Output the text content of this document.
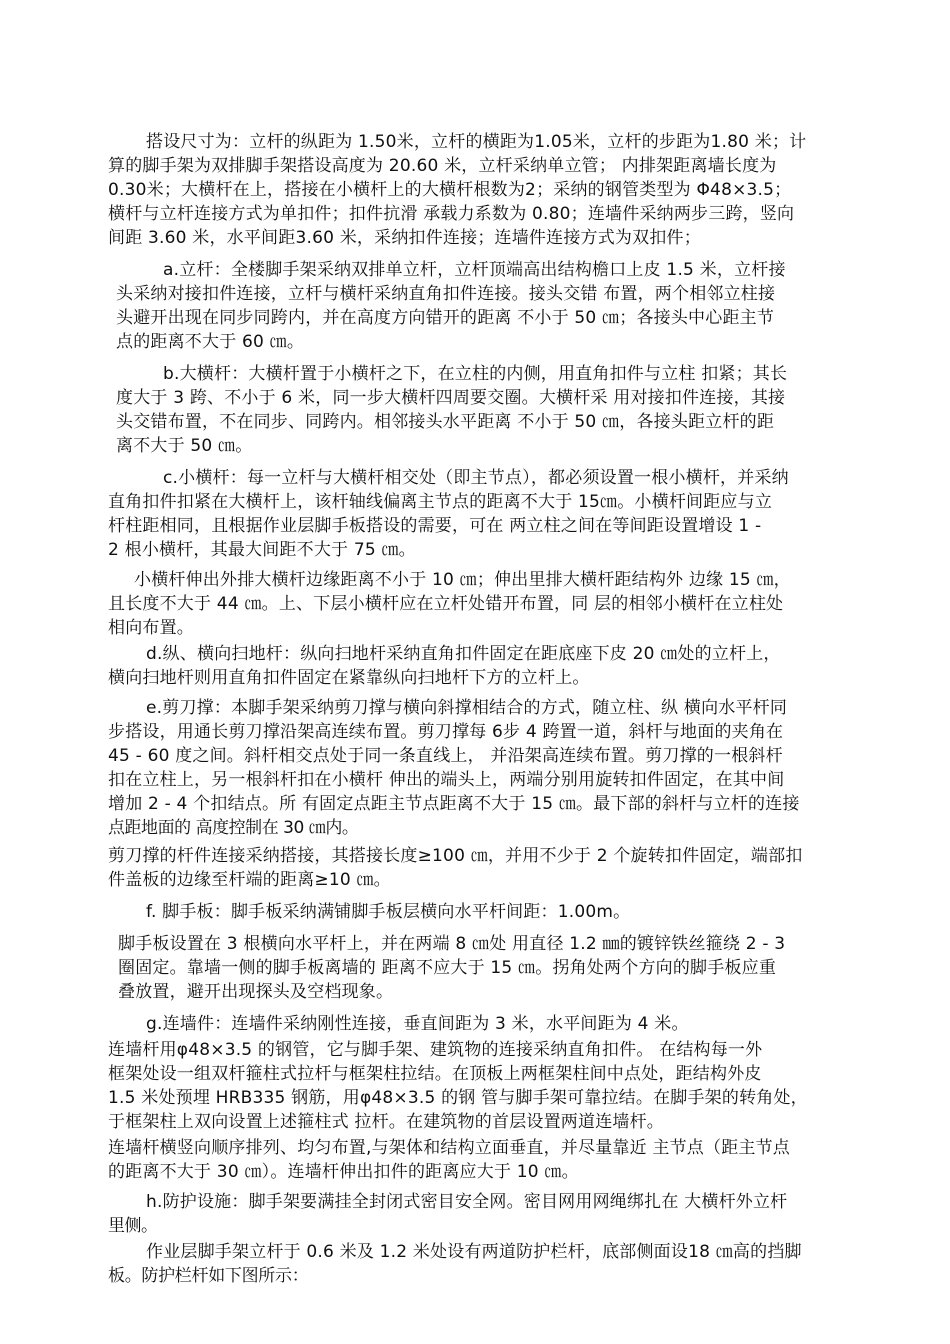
搭设尺寸为：立杆的纵距为 1.50米，立杆的横距为1.05米，立杆的步距为1.80 米；计
算的脚手架为双排脚手架搭设高度为 20.60 米，立杆采纳单立管； 内排架距离墙长度为
0.30米；大横杆在上，搭接在小横杆上的大横杆根数为2；采纳的钢管类型为 Φ48×3.5；
横杆与立杆连接方式为单扣件；扣件抗滑 承载力系数为 0.80；连墙件采纳两步三跨，竖向
间距 3.60 米，水平间距3.60 米，采纳扣件连接；连墙件连接方式为双扣件；
a.立杆：全楼脚手架采纳双排单立杆，立杆顶端高出结构檐口上皮 1.5 米，立杆接
头采纳对接扣件连接，立杆与横杆采纳直角扣件连接。接头交错 布置，两个相邻立柱接
头避开出现在同步同跨内，并在高度方向错开的距离 不小于 50 ㎝；各接头中心距主节
点的距离不大于 60 ㎝。
b.大横杆：大横杆置于小横杆之下，在立柱的内侧，用直角扣件与立柱 扣紧；其长
度大于 3 跨、不小于 6 米，同一步大横杆四周要交圈。大横杆采 用对接扣件连接，其接
头交错布置，不在同步、同跨内。相邻接头水平距离 不小于 50 ㎝，各接头距立杆的距
离不大于 50 ㎝。
c.小横杆：每一立杆与大横杆相交处（即主节点），都必须设置一根小横杆，并采纳
直角扣件扣紧在大横杆上，该杆轴线偏离主节点的距离不大于 15㎝。小横杆间距应与立
杆柱距相同，且根据作业层脚手板搭设的需要，可在 两立柱之间在等间距设置增设 1 -
2 根小横杆，其最大间距不大于 75 ㎝。
小横杆伸出外排大横杆边缘距离不小于 10 ㎝；伸出里排大横杆距结构外 边缘 15 ㎝，
且长度不大于 44 ㎝。上、下层小横杆应在立杆处错开布置，同 层的相邻小横杆在立柱处
相向布置。
d.纵、横向扫地杆：纵向扫地杆采纳直角扣件固定在距底座下皮 20 ㎝处的立杆上，
横向扫地杆则用直角扣件固定在紧靠纵向扫地杆下方的立杆上。
e.剪刀撑：本脚手架采纳剪刀撑与横向斜撑相结合的方式，随立柱、纵 横向水平杆同
步搭设，用通长剪刀撑沿架高连续布置。剪刀撑每 6步 4 跨置一道，斜杆与地面的夹角在
45 - 60 度之间。斜杆相交点处于同一条直线上， 并沿架高连续布置。剪刀撑的一根斜杆
扣在立柱上，另一根斜杆扣在小横杆 伸出的端头上，两端分别用旋转扣件固定，在其中间
增加 2 - 4 个扣结点。所 有固定点距主节点距离不大于 15 ㎝。最下部的斜杆与立杆的连接
点距地面的 高度控制在 30 ㎝内。
剪刀撑的杆件连接采纳搭接，其搭接长度≥100 ㎝，并用不少于 2 个旋转扣件固定，端部扣
件盖板的边缘至杆端的距离≥10 ㎝。
f. 脚手板：脚手板采纳满铺脚手板层横向水平杆间距：1.00m。
脚手板设置在 3 根横向水平杆上，并在两端 8 ㎝处 用直径 1.2 ㎜的镀锌铁丝箍绕 2 - 3
圈固定。靠墙一侧的脚手板离墙的 距离不应大于 15 ㎝。拐角处两个方向的脚手板应重
叠放置，避开出现探头及空档现象。
g.连墙件：连墙件采纳刚性连接，垂直间距为 3 米，水平间距为 4 米。
连墙杆用φ48×3.5 的钢管，它与脚手架、建筑物的连接采纳直角扣件。 在结构每一外
框架处设一组双杆箍柱式拉杆与框架柱拉结。在顶板上两框架柱间中点处，距结构外皮
1.5 米处预埋 HRB335 钢筋，用φ48×3.5 的钢 管与脚手架可靠拉结。在脚手架的转角处，
于框架柱上双向设置上述箍柱式 拉杆。在建筑物的首层设置两道连墙杆。
连墙杆横竖向顺序排列、均匀布置,与架体和结构立面垂直，并尽量靠近 主节点（距主节点
的距离不大于 30 ㎝）。连墙杆伸出扣件的距离应大于 10 ㎝。
h.防护设施：脚手架要满挂全封闭式密目安全网。密目网用网绳绑扎在 大横杆外立杆
里侧。
作业层脚手架立杆于 0.6 米及 1.2 米处设有两道防护栏杆，底部侧面设18 ㎝高的挡脚
板。防护栏杆如下图所示：
